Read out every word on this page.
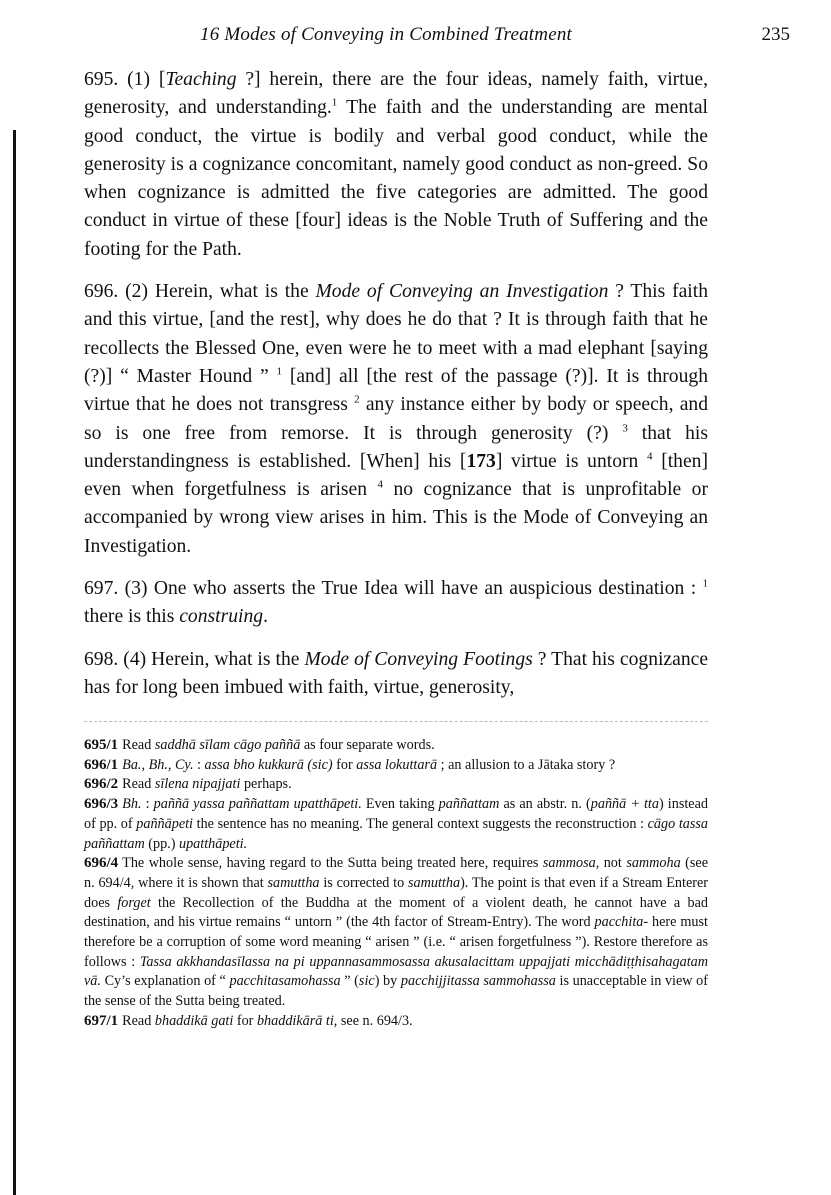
16 Modes of Conveying in Combined Treatment	235

695. (1) [Teaching ?] herein, there are the four ideas, namely faith, virtue, generosity, and understanding.$^1$ The faith and the understanding are mental good conduct, the virtue is bodily and verbal good conduct, while the generosity is a cognizance concomitant, namely good conduct as non-greed. So when cognizance is admitted the five categories are admitted. The good conduct in virtue of these [four] ideas is the Noble Truth of Suffering and the footing for the Path.

696. (2) Herein, what is the Mode of Conveying an Investigation ? This faith and this virtue, [and the rest], why does he do that ? It is through faith that he recollects the Blessed One, even were he to meet with a mad elephant [saying (?)] “ Master Hound ” $^1$ [and] all [the rest of the passage (?)]. It is through virtue that he does not transgress $^2$ any instance either by body or speech, and so is one free from remorse. It is through generosity (?) $^3$ that his understandingness is established. [When] his [173] virtue is untorn $^4$ [then] even when forgetfulness is arisen $^4$ no cognizance that is unprofitable or accompanied by wrong view arises in him. This is the Mode of Conveying an Investigation.

697. (3) One who asserts the True Idea will have an auspicious destination : $^1$ there is this construing.

698. (4) Herein, what is the Mode of Conveying Footings ? That his cognizance has for long been imbued with faith, virtue, generosity,

695/1 Read saddhā sīlam cāgo paññā as four separate words.

696/1 Ba., Bh., Cy. : assa bho kukkurā (sic) for assa lokuttarā ; an allusion to a Jātaka story ?

696/2 Read sīlena nipajjati perhaps.

696/3 Bh. : paññā yassa paññattam upatthāpeti. Even taking paññattam as an abstr. n. (paññā + tta) instead of pp. of paññāpeti the sentence has no meaning. The general context suggests the reconstruction : cāgo tassa paññattam (pp.) upatthāpeti.

696/4 The whole sense, having regard to the Sutta being treated here, requires sammosa, not sammoha (see n. 694/4, where it is shown that samuttha is corrected to samuttha). The point is that even if a Stream Enterer does forget the Recollection of the Buddha at the moment of a violent death, he cannot have a bad destination, and his virtue remains “ untorn ” (the 4th factor of Stream-Entry). The word pacchita- here must therefore be a corruption of some word meaning “ arisen ” (i.e. “ arisen forgetfulness ”). Restore therefore as follows : Tassa akkhandasīlassa na pi uppannasammosassa akusalacittam uppajjati micchādiṭṭhisahagatam vā. Cy’s explanation of “ pacchitasamohassa ” (sic) by pacchijjitassa sammohassa is unacceptable in view of the sense of the Sutta being treated.

697/1 Read bhaddikā gati for bhaddikārā ti, see n. 694/3.
